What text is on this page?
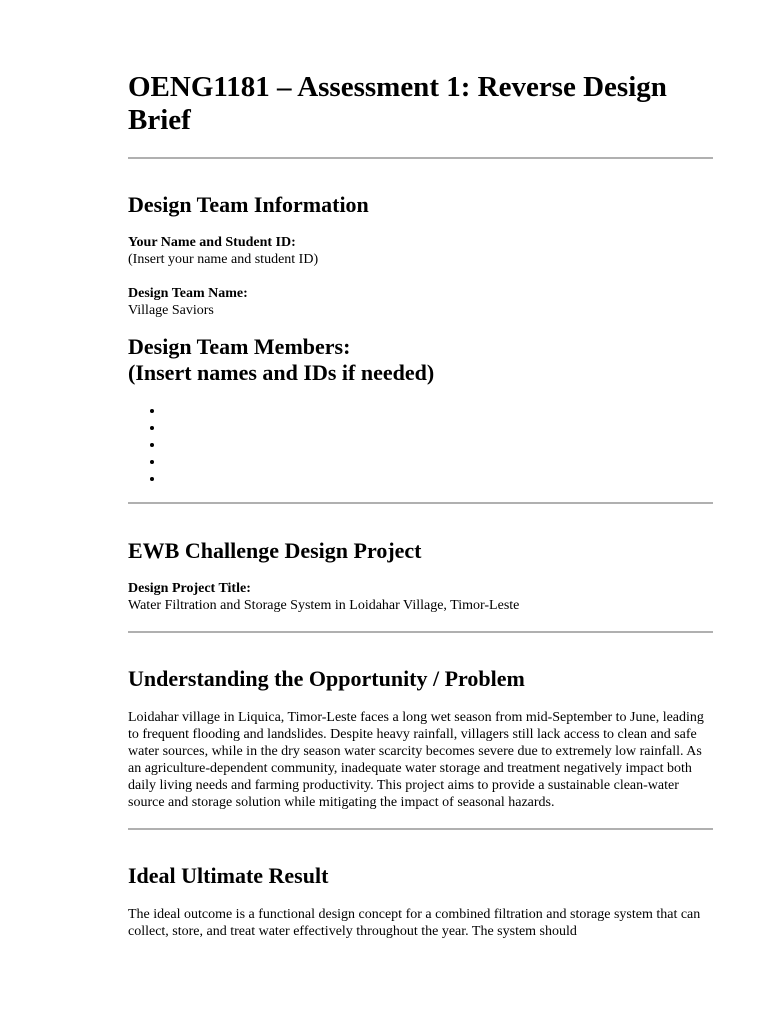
OENG1181 – Assessment 1: Reverse Design Brief
Design Team Information

Your Name and Student ID:

(Insert your name and student ID)

Design Team Name:

Village Saviors

Design Team Members:
(Insert names and IDs if needed)
EWB Challenge Design Project

Design Project Title:

Water Filtration and Storage System in Loidahar Village, Timor-Leste

Understanding the Opportunity / Problem

Loidahar village in Liquica, Timor-Leste faces a long wet season from mid-September to June, leading to frequent flooding and landslides. Despite heavy rainfall, villagers still lack access to clean and safe water sources, while in the dry season water scarcity becomes severe due to extremely low rainfall. As an agriculture-dependent community, inadequate water storage and treatment negatively impact both daily living needs and farming productivity. This project aims to provide a sustainable clean-water source and storage solution while mitigating the impact of seasonal hazards.

Ideal Ultimate Result

The ideal outcome is a functional design concept for a combined filtration and storage system that can collect, store, and treat water effectively throughout the year. The system should
